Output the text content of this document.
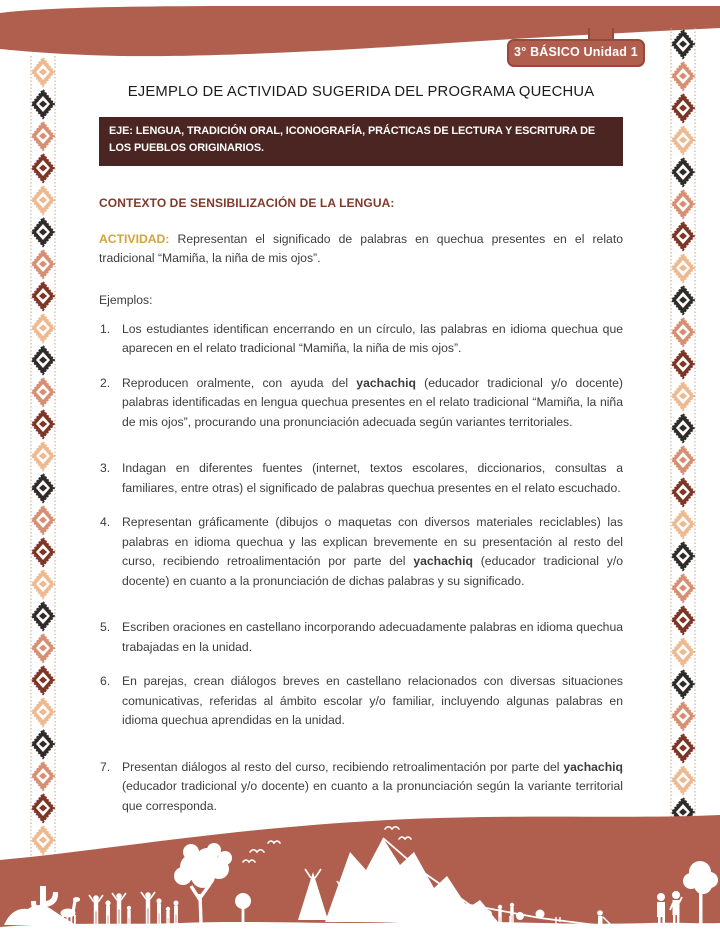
3° BÁSICO Unidad 1
EJEMPLO DE ACTIVIDAD SUGERIDA DEL PROGRAMA QUECHUA
EJE: LENGUA, TRADICIÓN ORAL, ICONOGRAFÍA, PRÁCTICAS DE LECTURA Y ESCRITURA DE LOS PUEBLOS ORIGINARIOS.
CONTEXTO DE SENSIBILIZACIÓN DE LA LENGUA:

ACTIVIDAD: Representan el significado de palabras en quechua presentes en el relato tradicional “Mamiña, la niña de mis ojos”.

Ejemplos:

1. Los estudiantes identifican encerrando en un círculo, las palabras en idioma quechua que aparecen en el relato tradicional “Mamiña, la niña de mis ojos”.
2. Reproducen oralmente, con ayuda del yachachiq (educador tradicional y/o docente) palabras identificadas en lengua quechua presentes en el relato tradicional “Mamiña, la niña de mis ojos”, procurando una pronunciación adecuada según variantes territoriales.
3. Indagan en diferentes fuentes (internet, textos escolares, diccionarios, consultas a familiares, entre otras) el significado de palabras quechua presentes en el relato escuchado.
4. Representan gráficamente (dibujos o maquetas con diversos materiales reciclables) las palabras en idioma quechua y las explican brevemente en su presentación al resto del curso, recibiendo retroalimentación por parte del yachachiq (educador tradicional y/o docente) en cuanto a la pronunciación de dichas palabras y su significado.
5. Escriben oraciones en castellano incorporando adecuadamente palabras en idioma quechua trabajadas en la unidad.
6. En parejas, crean diálogos breves en castellano relacionados con diversas situaciones comunicativas, referidas al ámbito escolar y/o familiar, incluyendo algunas palabras en idioma quechua aprendidas en la unidad.
7. Presentan diálogos al resto del curso, recibiendo retroalimentación por parte del yachachiq (educador tradicional y/o docente) en cuanto a la pronunciación según la variante territorial que corresponda.
